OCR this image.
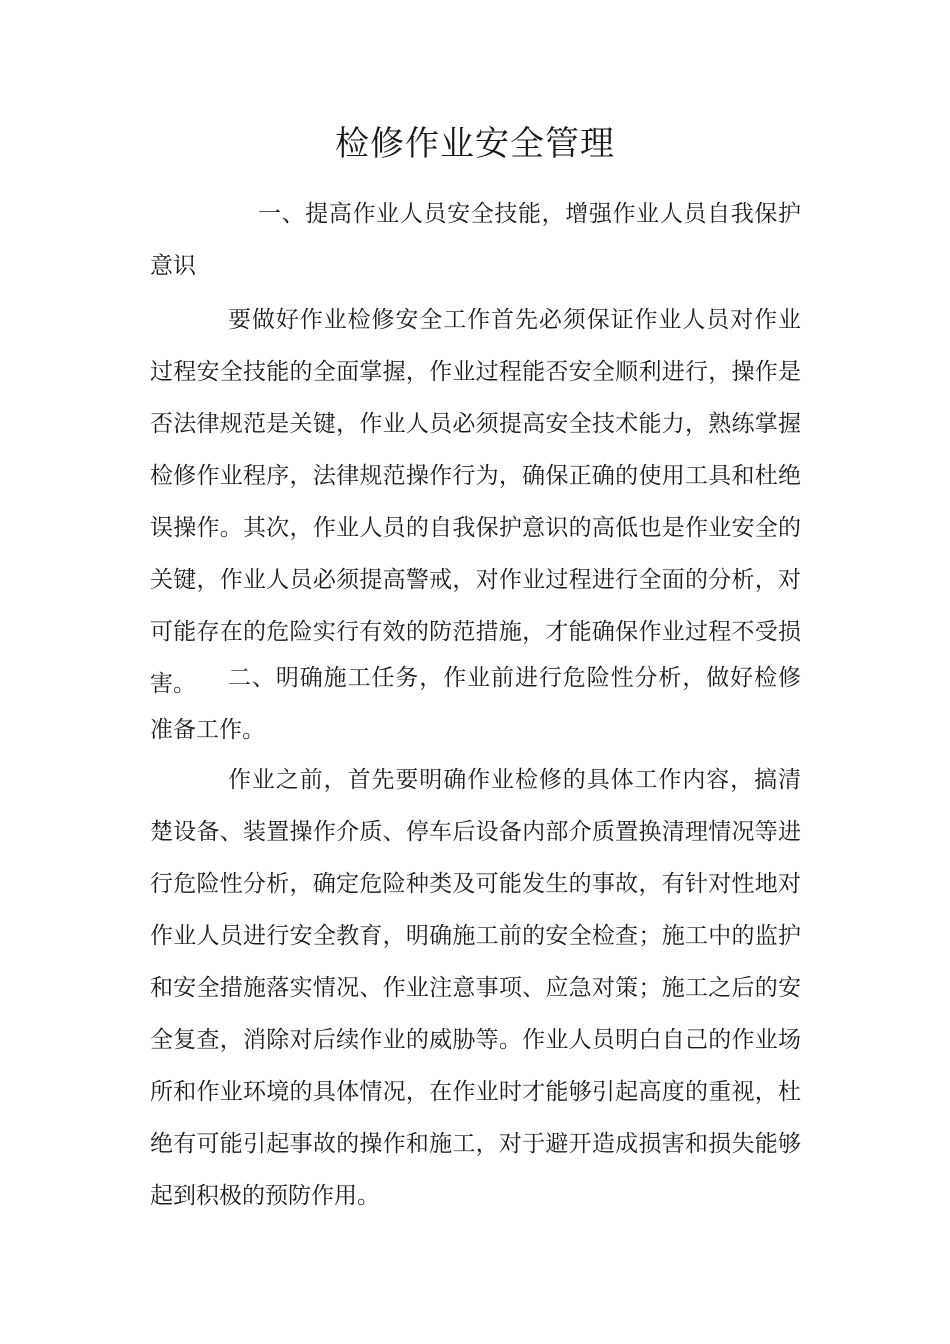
检修作业安全管理
一、提高作业人员安全技能，增强作业人员自我保护意识

要做好作业检修安全工作首先必须保证作业人员对作业过程安全技能的全面掌握，作业过程能否安全顺利进行，操作是否法律规范是关键，作业人员必须提高安全技术能力，熟练掌握检修作业程序，法律规范操作行为，确保正确的使用工具和杜绝误操作。其次，作业人员的自我保护意识的高低也是作业安全的关键，作业人员必须提高警戒，对作业过程进行全面的分析，对可能存在的危险实行有效的防范措施，才能确保作业过程不受损害。	二、明确施工任务，作业前进行危险性分析，做好检修准备工作。

作业之前，首先要明确作业检修的具体工作内容，搞清楚设备、装置操作介质、停车后设备内部介质置换清理情况等进行危险性分析，确定危险种类及可能发生的事故，有针对性地对作业人员进行安全教育，明确施工前的安全检查；施工中的监护和安全措施落实情况、作业注意事项、应急对策；施工之后的安全复查，消除对后续作业的威胁等。作业人员明白自己的作业场所和作业环境的具体情况，在作业时才能够引起高度的重视，杜绝有可能引起事故的操作和施工，对于避开造成损害和损失能够起到积极的预防作用。
